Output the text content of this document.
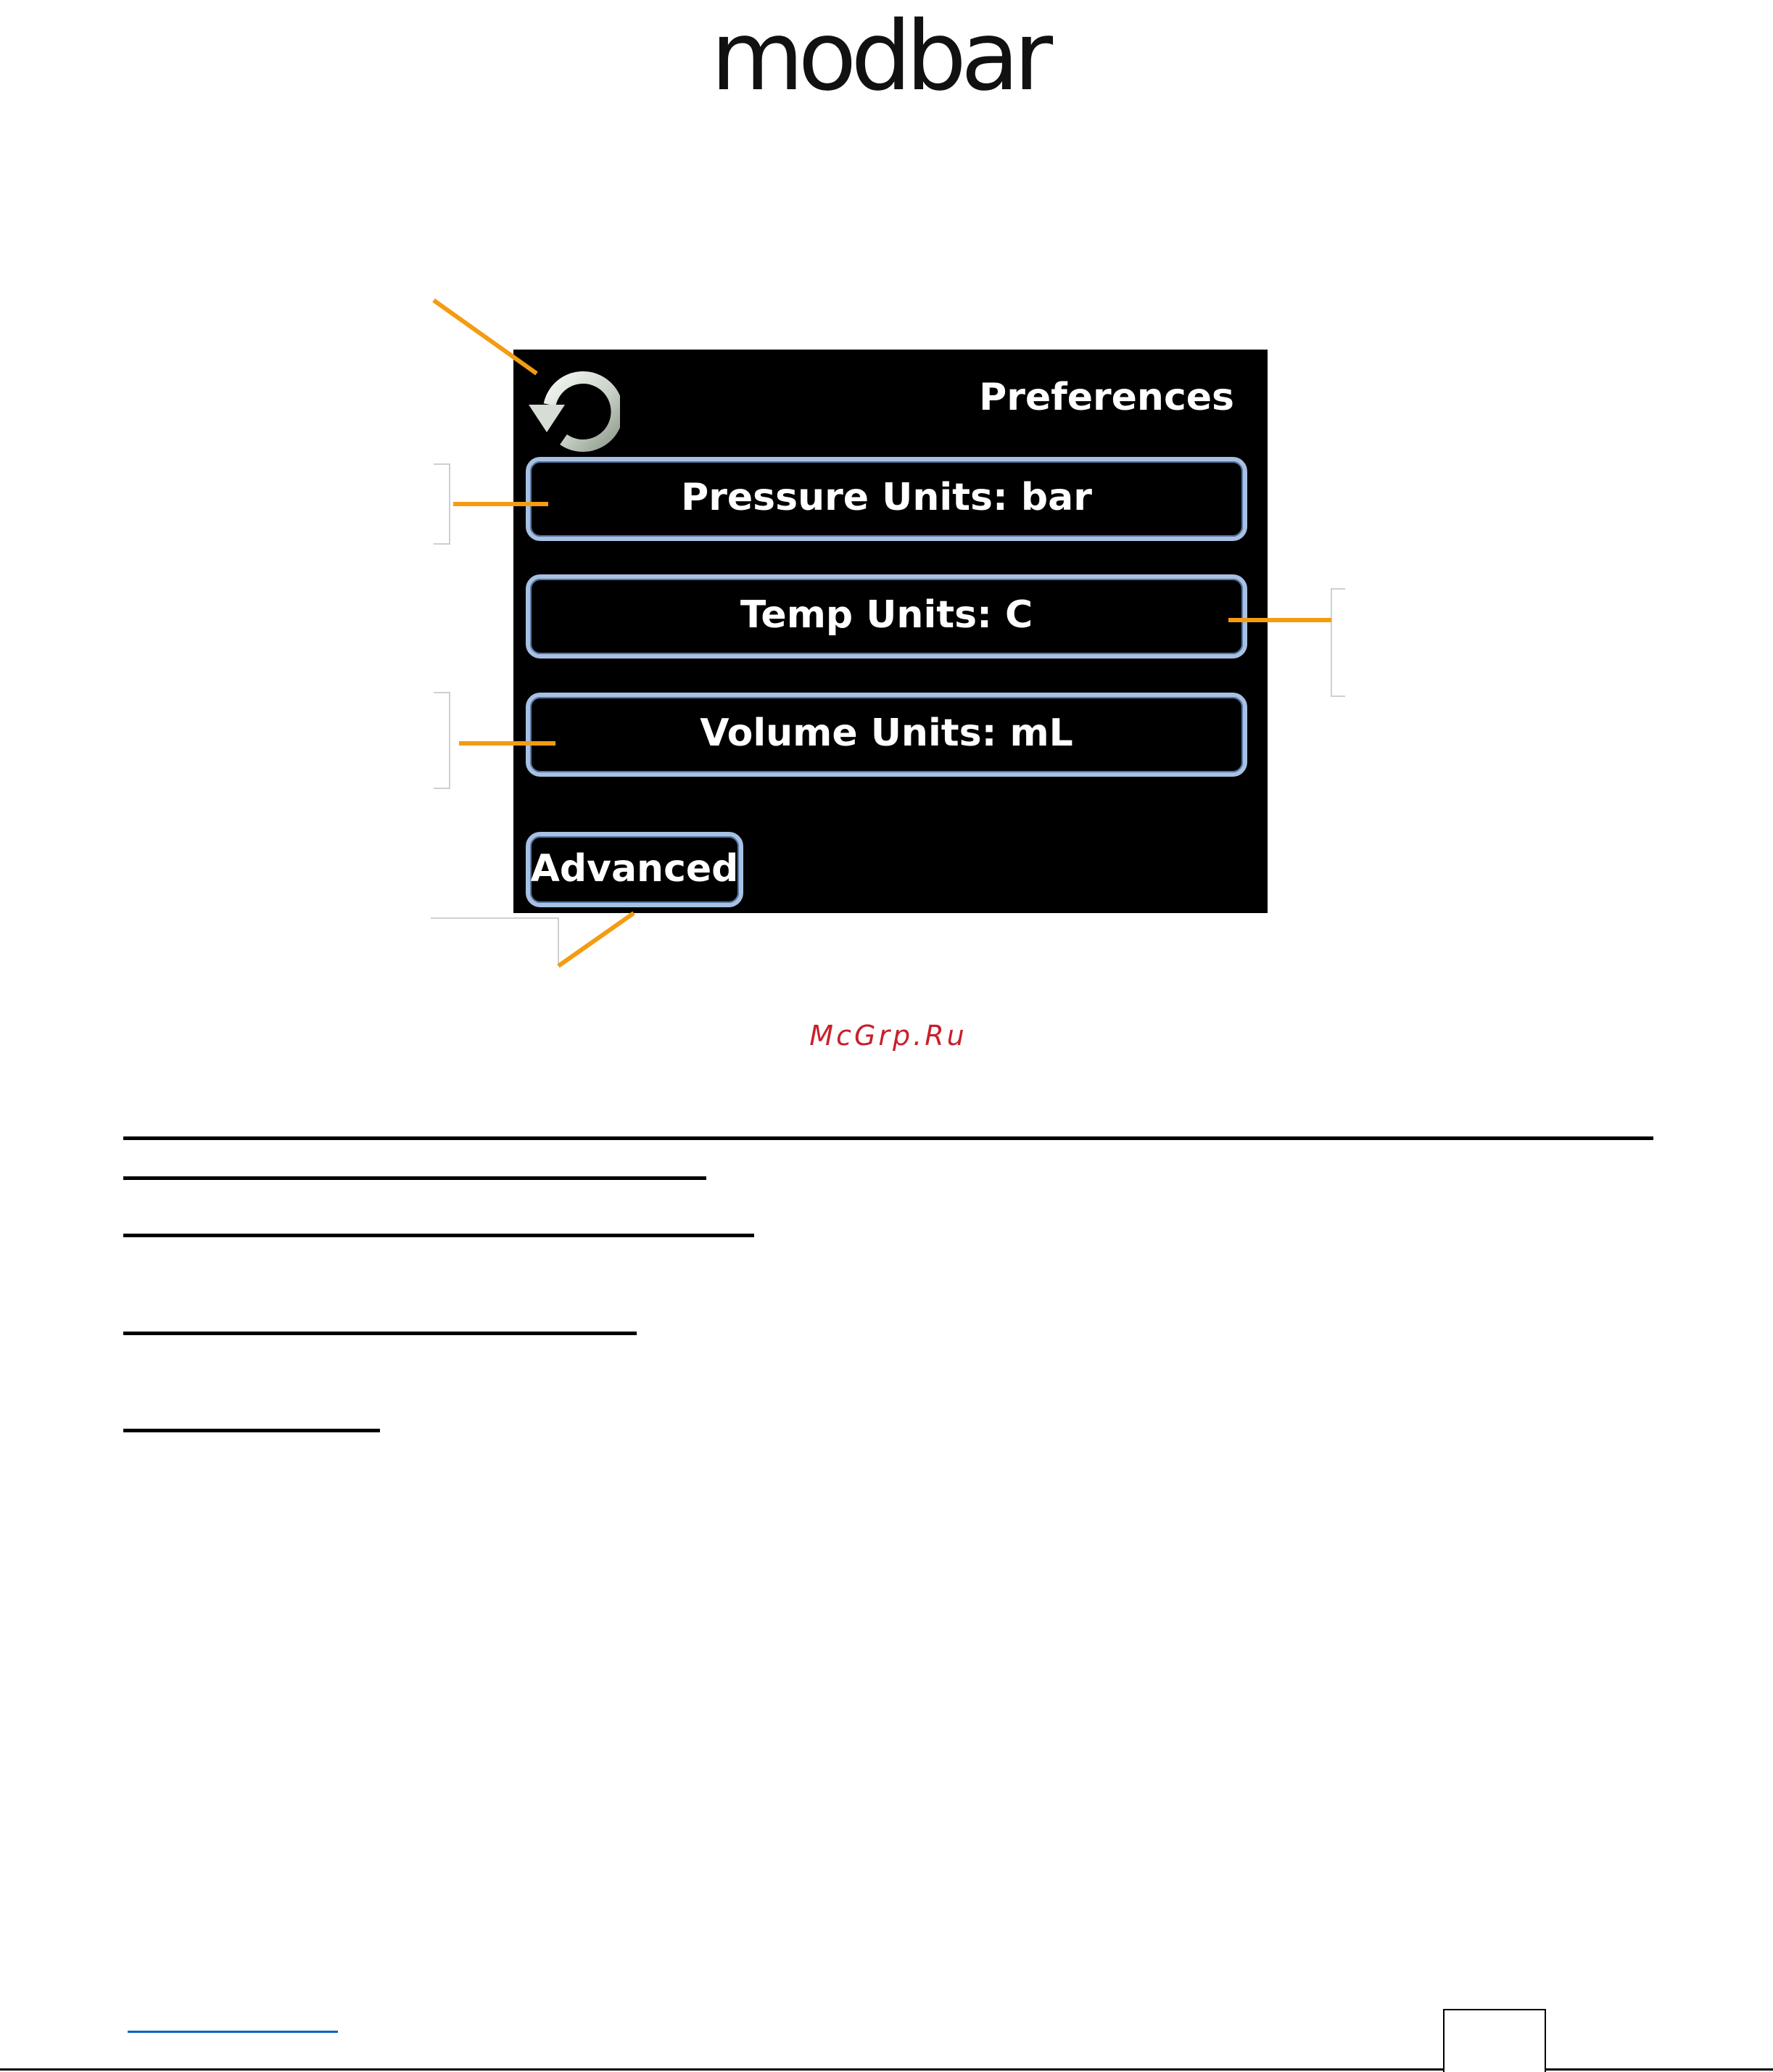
modbar
Preferences
Pressure Units: bar
Temp Units: C
Volume Units: mL
Advanced

McGrp.Ru
